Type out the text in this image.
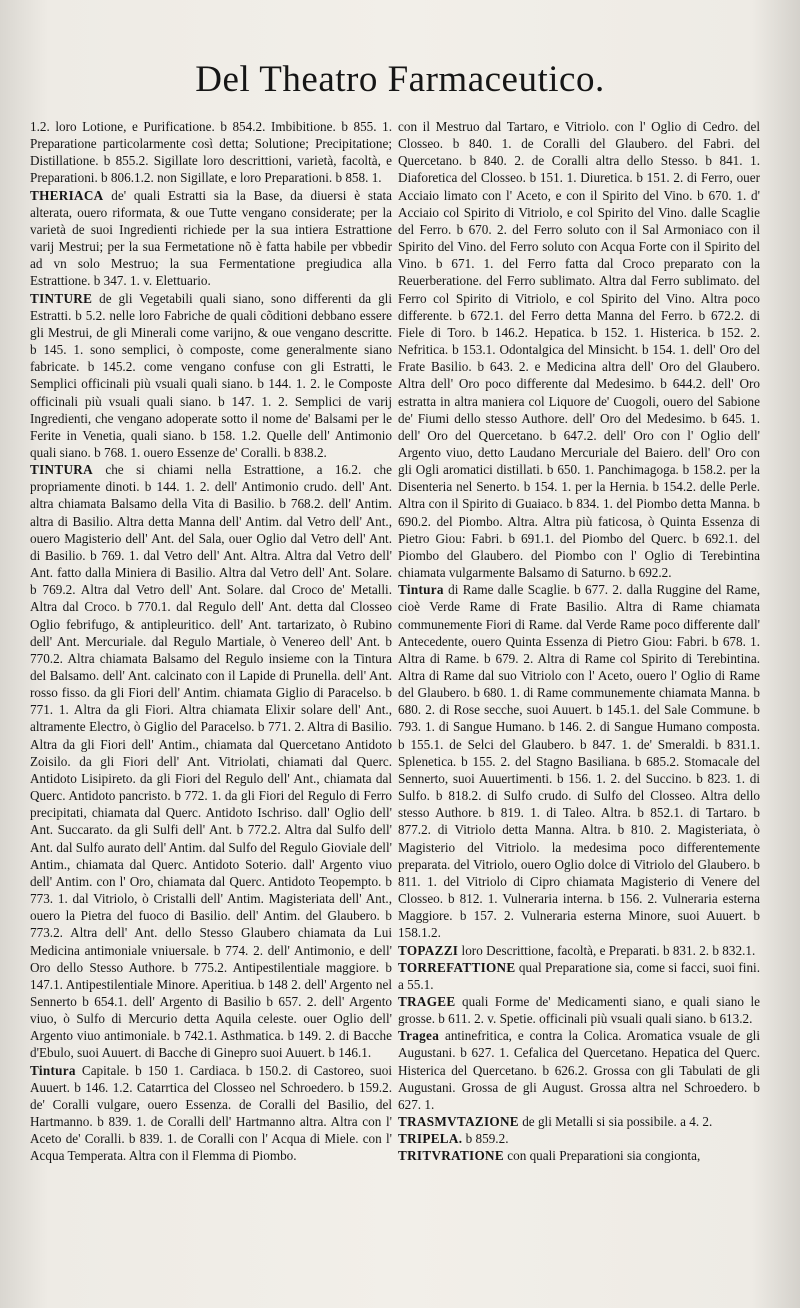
Del Theatro Farmaceutico.

1.2. loro Lotione, e Purificatione. b 854.2. Imbibitione. b 855. 1. Preparatione particolarmente così detta; Solutione; Precipitatione; Distillatione. b 855.2. Sigillate loro descrittioni, varietà, facoltà, e Preparationi. b 806.1.2. non Sigillate, e loro Preparationi. b 858. 1.

THERIACA de' quali Estratti sia la Base, da diuersi è stata alterata, ouero riformata, & oue Tutte vengano considerate; per la varietà de suoi Ingredienti richiede per la sua intiera Estrattione varij Mestrui; per la sua Fermetatione nõ è fatta habile per vbbedir ad vn solo Mestruo; la sua Fermentatione pregiudica alla Estrattione. b 347. 1. v. Elettuario.

TINTURE de gli Vegetabili quali siano, sono differenti da gli Estratti. b 5.2. nelle loro Fabriche de quali cõditioni debbano essere gli Mestrui, de gli Minerali come varijno, & oue vengano descritte. b 145. 1. sono semplici, ò composte, come generalmente siano fabricate. b 145.2. come vengano confuse con gli Estratti, le Semplici officinali più vsuali quali siano. b 144. 1. 2. le Composte officinali più vsuali quali siano. b 147. 1. 2. Semplici de varij Ingredienti, che vengano adoperate sotto il nome de' Balsami per le Ferite in Venetia, quali siano. b 158. 1.2. Quelle dell' Antimonio quali siano. b 768. 1. ouero Essenze de' Coralli. b 838.2.

TINTURA che si chiami nella Estrattione, a 16.2. che propriamente dinoti. b 144. 1. 2. dell' Antimonio crudo. dell' Ant. altra chiamata Balsamo della Vita di Basilio. b 768.2. dell' Antim. altra di Basilio. Altra detta Manna dell' Antim. dal Vetro dell' Ant., ouero Magisterio dell' Ant. del Sala, ouer Oglio dal Vetro dell' Ant. di Basilio. b 769. 1. dal Vetro dell' Ant. Altra. Altra dal Vetro dell' Ant. fatto dalla Miniera di Basilio. Altra dal Vetro dell' Ant. Solare. b 769.2. Altra dal Vetro dell' Ant. Solare. dal Croco de' Metalli. Altra dal Croco. b 770.1. dal Regulo dell' Ant. detta dal Closseo Oglio febrifugo, & antipleuritico. dell' Ant. tartarizato, ò Rubino dell' Ant. Mercuriale. dal Regulo Martiale, ò Venereo dell' Ant. b 770.2. Altra chiamata Balsamo del Regulo insieme con la Tintura del Balsamo. dell' Ant. calcinato con il Lapide di Prunella. dell' Ant. rosso fisso. da gli Fiori dell' Antim. chiamata Giglio di Paracelso. b 771. 1. Altra da gli Fiori. Altra chiamata Elixir solare dell' Ant., altramente Electro, ò Giglio del Paracelso. b 771. 2. Altra di Basilio. Altra da gli Fiori dell' Antim., chiamata dal Quercetano Antidoto Zoisilo. da gli Fiori dell' Ant. Vitriolati, chiamati dal Querc. Antidoto Lisipireto. da gli Fiori del Regulo dell' Ant., chiamata dal Querc. Antidoto pancristo. b 772. 1. da gli Fiori del Regulo di Ferro precipitati, chiamata dal Querc. Antidoto Ischriso. dall' Oglio dell' Ant. Succarato. da gli Sulfi dell' Ant. b 772.2. Altra dal Sulfo dell' Ant. dal Sulfo aurato dell' Antim. dal Sulfo del Regulo Gioviale dell' Antim., chiamata dal Querc. Antidoto Soterio. dall' Argento viuo dell' Antim. con l' Oro, chiamata dal Querc. Antidoto Teopempto. b 773. 1. dal Vitriolo, ò Cristalli dell' Antim. Magisteriata dell' Ant., ouero la Pietra del fuoco di Basilio. dell' Antim. del Glaubero. b 773.2. Altra dell' Ant. dello Stesso Glaubero chiamata da Lui Medicina antimoniale vniuersale. b 774. 2. dell' Antimonio, e dell' Oro dello Stesso Authore. b 775.2. Antipestilentiale maggiore. b 147.1. Antipestilentiale Minore. Aperitiua. b 148 2. dell' Argento nel Sennerto b 654.1. dell' Argento di Basilio b 657. 2. dell' Argento viuo, ò Sulfo di Mercurio detta Aquila celeste. ouer Oglio dell' Argento viuo antimoniale. b 742.1. Asthmatica. b 149. 2. di Bacche d'Ebulo, suoi Auuert. di Bacche di Ginepro suoi Auuert. b 146.1.

Tintura Capitale. b 150 1. Cardiaca. b 150.2. di Castoreo, suoi Auuert. b 146. 1.2. Catarrtica del Closseo nel Schroedero. b 159.2. de' Coralli vulgare, ouero Essenza. de Coralli del Basilio, del Hartmanno. b 839. 1. de Coralli dell' Hartmanno altra. Altra con l' Aceto de' Coralli. b 839. 1. de Coralli con l' Acqua di Miele. con l' Acqua Temperata. Altra con il Flemma di Piombo.

con il Mestruo dal Tartaro, e Vitriolo. con l' Oglio di Cedro. del Closseo. b 840. 1. de Coralli del Glaubero. del Fabri. del Quercetano. b 840. 2. de Coralli altra dello Stesso. b 841. 1. Diaforetica del Closseo. b 151. 1. Diuretica. b 151. 2. di Ferro, ouer Acciaio limato con l' Aceto, e con il Spirito del Vino. b 670. 1. d' Acciaio col Spirito di Vitriolo, e col Spirito del Vino. dalle Scaglie del Ferro. b 670. 2. del Ferro soluto con il Sal Armoniaco con il Spirito del Vino. del Ferro soluto con Acqua Forte con il Spirito del Vino. b 671. 1. del Ferro fatta dal Croco preparato con la Reuerberatione. del Ferro sublimato. Altra dal Ferro sublimato. del Ferro col Spirito di Vitriolo, e col Spirito del Vino. Altra poco differente. b 672.1. del Ferro detta Manna del Ferro. b 672.2. di Fiele di Toro. b 146.2. Hepatica. b 152. 1. Histerica. b 152. 2. Nefritica. b 153.1. Odontalgica del Minsicht. b 154. 1. dell' Oro del Frate Basilio. b 643. 2. e Medicina altra dell' Oro del Glaubero. Altra dell' Oro poco differente dal Medesimo. b 644.2. dell' Oro estratta in altra maniera col Liquore de' Cuogoli, ouero del Sabione de' Fiumi dello stesso Authore. dell' Oro del Medesimo. b 645. 1. dell' Oro del Quercetano. b 647.2. dell' Oro con l' Oglio dell' Argento viuo, detto Laudano Mercuriale del Baiero. dell' Oro con gli Ogli aromatici distillati. b 650. 1. Panchimagoga. b 158.2. per la Disenteria nel Senerto. b 154. 1. per la Hernia. b 154.2. delle Perle. Altra con il Spirito di Guaiaco. b 834. 1. del Piombo detta Manna. b 690.2. del Piombo. Altra. Altra più faticosa, ò Quinta Essenza di Pietro Giou: Fabri. b 691.1. del Piombo del Querc. b 692.1. del Piombo del Glaubero. del Piombo con l' Oglio di Terebintina chiamata vulgarmente Balsamo di Saturno. b 692.2.

Tintura di Rame dalle Scaglie. b 677. 2. dalla Ruggine del Rame, cioè Verde Rame di Frate Basilio. Altra di Rame chiamata communemente Fiori di Rame. dal Verde Rame poco differente dall' Antecedente, ouero Quinta Essenza di Pietro Giou: Fabri. b 678. 1. Altra di Rame. b 679. 2. Altra di Rame col Spirito di Terebintina. Altra di Rame dal suo Vitriolo con l' Aceto, ouero l' Oglio di Rame del Glaubero. b 680. 1. di Rame communemente chiamata Manna. b 680. 2. di Rose secche, suoi Auuert. b 145.1. del Sale Commune. b 793. 1. di Sangue Humano. b 146. 2. di Sangue Humano composta. b 155.1. de Selci del Glaubero. b 847. 1. de' Smeraldi. b 831.1. Splenetica. b 155. 2. del Stagno Basiliana. b 685.2. Stomacale del Sennerto, suoi Auuertimenti. b 156. 1. 2. del Succino. b 823. 1. di Sulfo. b 818.2. di Sulfo crudo. di Sulfo del Closseo. Altra dello stesso Authore. b 819. 1. di Taleo. Altra. b 852.1. di Tartaro. b 877.2. di Vitriolo detta Manna. Altra. b 810. 2. Magisteriata, ò Magisterio del Vitriolo. la medesima poco differentemente preparata. del Vitriolo, ouero Oglio dolce di Vitriolo del Glaubero. b 811. 1. del Vitriolo di Cipro chiamata Magisterio di Venere del Closseo. b 812. 1. Vulneraria interna. b 156. 2. Vulneraria esterna Maggiore. b 157. 2. Vulneraria esterna Minore, suoi Auuert. b 158.1.2.

TOPAZZI loro Descrittione, facoltà, e Preparati. b 831. 2. b 832.1.

TORREFATTIONE qual Preparatione sia, come si facci, suoi fini. a 55.1.

TRAGEE quali Forme de' Medicamenti siano, e quali siano le grosse. b 611. 2. v. Spetie. officinali più vsuali quali siano. b 613.2.

Tragea antinefritica, e contra la Colica. Aromatica vsuale de gli Augustani. b 627. 1. Cefalica del Quercetano. Hepatica del Querc. Histerica del Quercetano. b 626.2. Grossa con gli Tabulati de gli Augustani. Grossa de gli August. Grossa altra nel Schroedero. b 627. 1.

TRASMVTAZIONE de gli Metalli si sia possibile. a 4. 2.

TRIPELA. b 859.2.

TRITVRATIONE con quali Preparationi sia congionta,
